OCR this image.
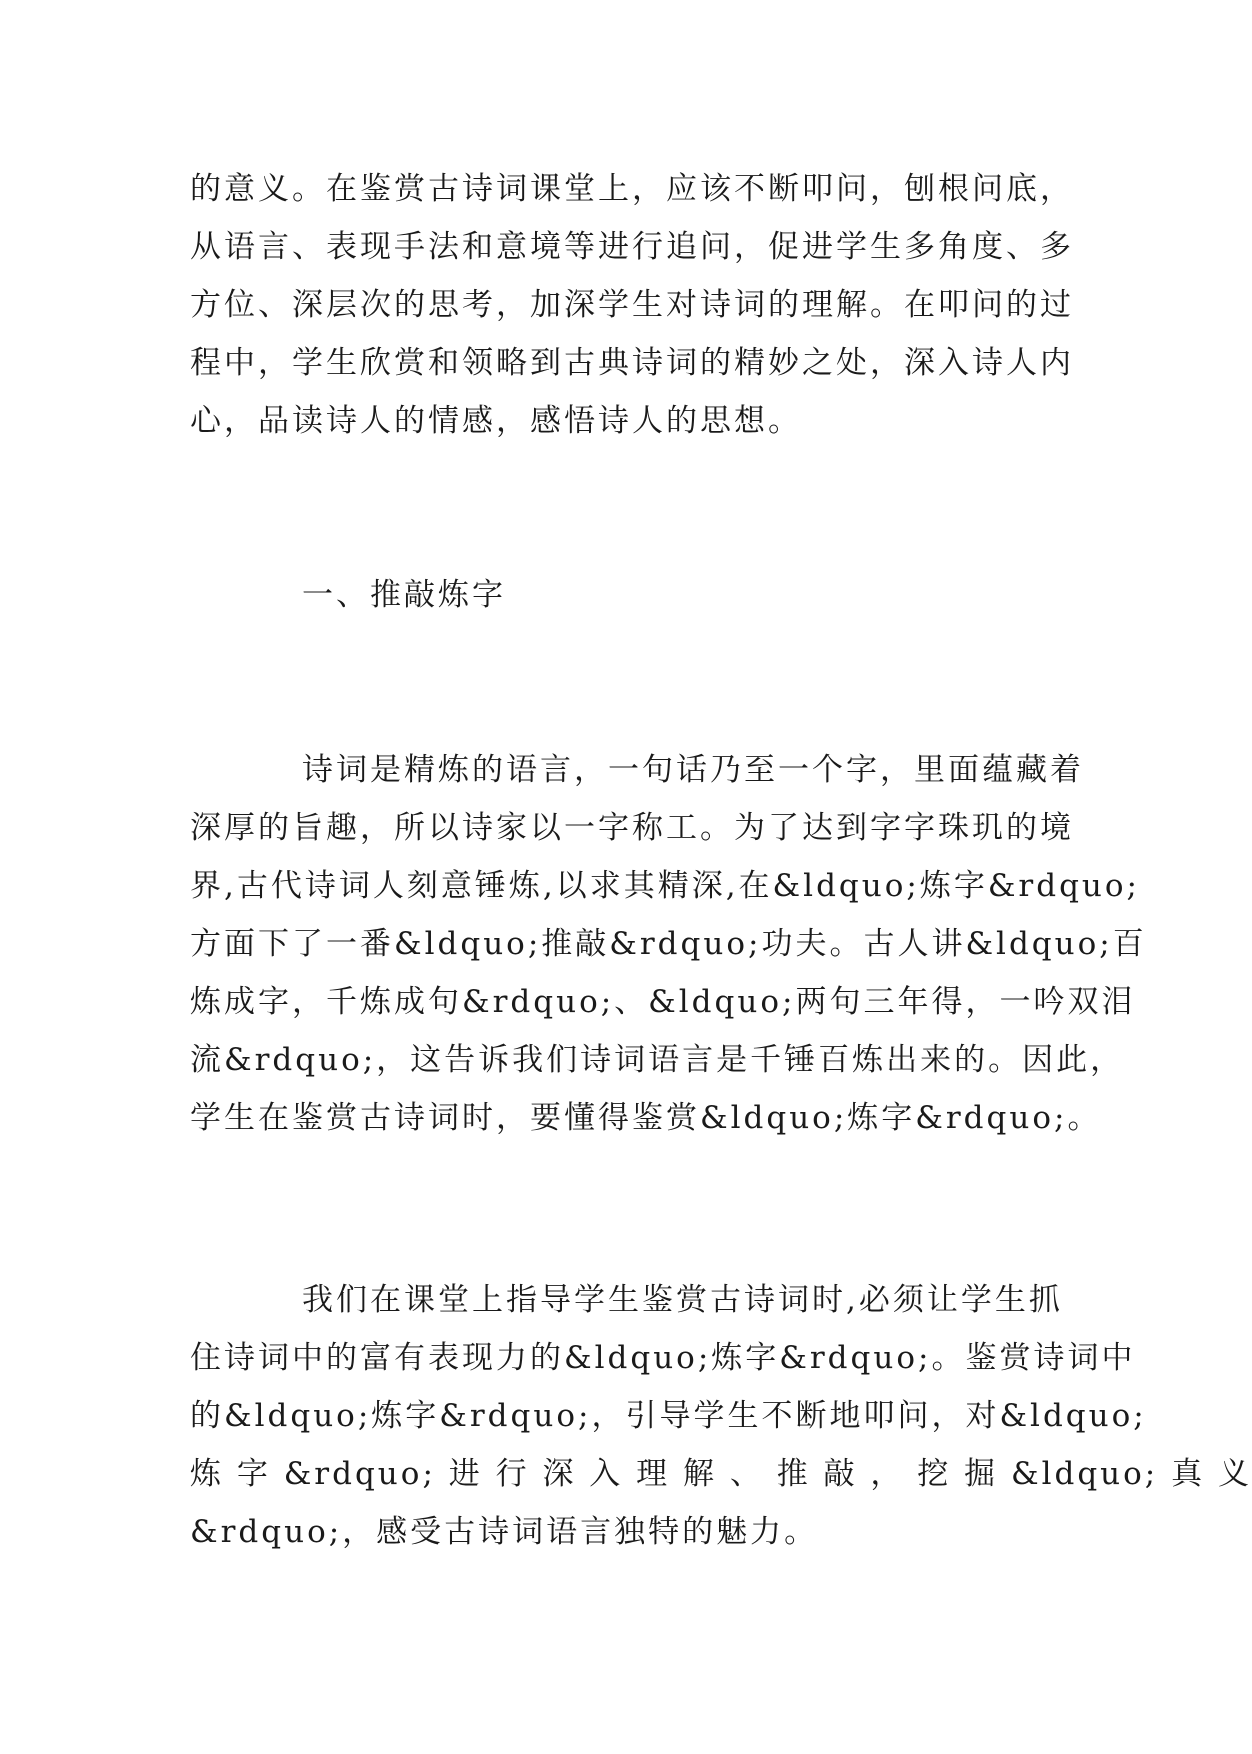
的意义。在鉴赏古诗词课堂上，应该不断叩问，刨根问底，
从语言、表现手法和意境等进行追问，促进学生多角度、多
方位、深层次的思考，加深学生对诗词的理解。在叩问的过
程中，学生欣赏和领略到古典诗词的精妙之处，深入诗人内
心，品读诗人的情感，感悟诗人的思想。

一、推敲炼字

诗词是精炼的语言，一句话乃至一个字，里面蕴藏着
深厚的旨趣，所以诗家以一字称工。为了达到字字珠玑的境
界,古代诗词人刻意锤炼,以求其精深,在&ldquo;炼字&rdquo;
方面下了一番&ldquo;推敲&rdquo;功夫。古人讲&ldquo;百
炼成字，千炼成句&rdquo;、&ldquo;两句三年得，一吟双泪
流&rdquo;，这告诉我们诗词语言是千锤百炼出来的。因此，
学生在鉴赏古诗词时，要懂得鉴赏&ldquo;炼字&rdquo;。

我们在课堂上指导学生鉴赏古诗词时,必须让学生抓
住诗词中的富有表现力的&ldquo;炼字&rdquo;。鉴赏诗词中
的&ldquo;炼字&rdquo;，引导学生不断地叩问，对&ldquo;
炼 字 &rdquo; 进 行 深 入 理 解 、 推 敲 ， 挖 掘 &ldquo; 真 义
&rdquo;，感受古诗词语言独特的魅力。
